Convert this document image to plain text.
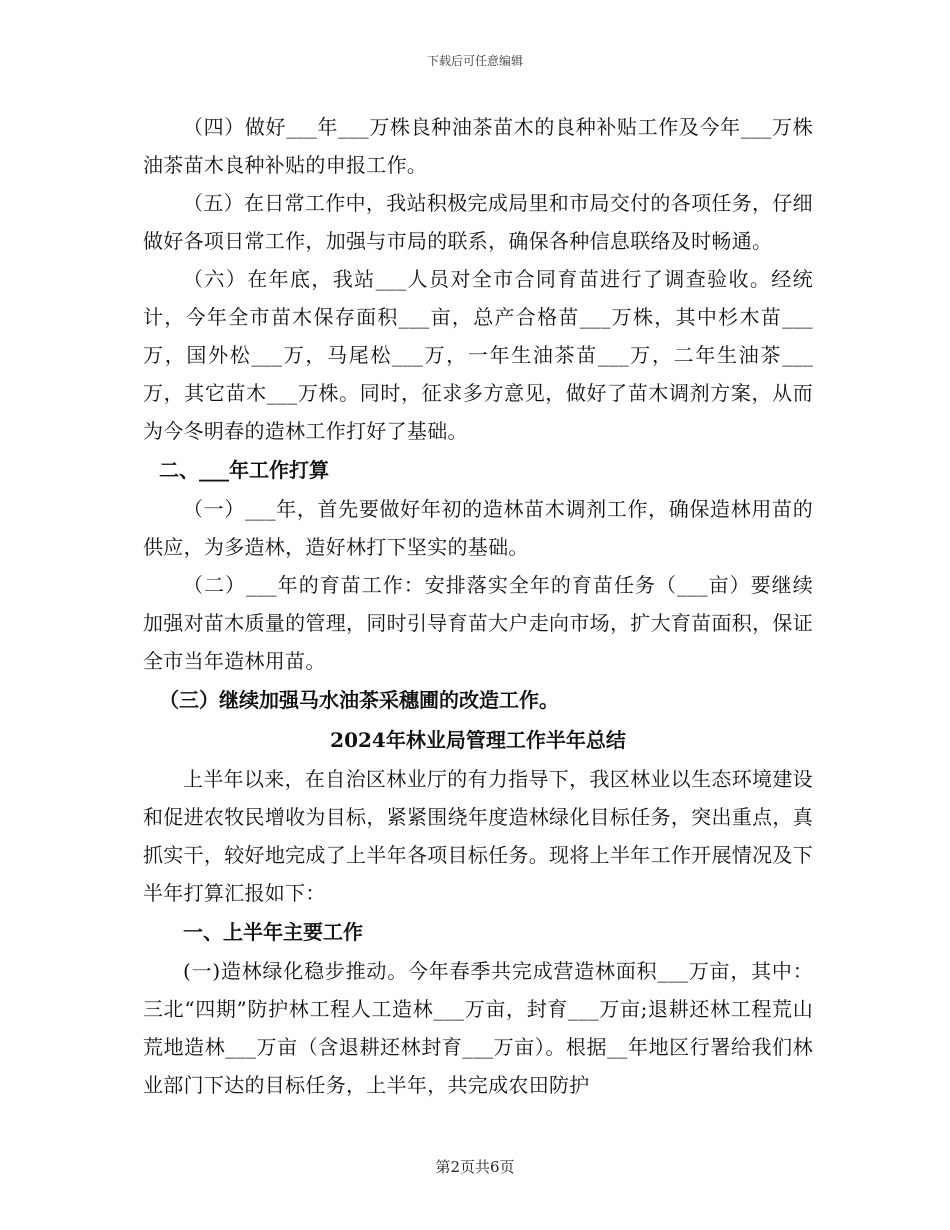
下载后可任意编辑

（四）做好___年___万株良种油茶苗木的良种补贴工作及今年___万株油茶苗木良种补贴的申报工作。

（五）在日常工作中，我站积极完成局里和市局交付的各项任务，仔细做好各项日常工作，加强与市局的联系，确保各种信息联络及时畅通。

（六）在年底，我站___人员对全市合同育苗进行了调查验收。经统计，今年全市苗木保存面积___亩，总产合格苗___万株，其中杉木苗___万，国外松___万，马尾松___万，一年生油茶苗___万，二年生油茶___万，其它苗木___万株。同时，征求多方意见，做好了苗木调剂方案，从而为今冬明春的造林工作打好了基础。

二、___年工作打算

（一）___年，首先要做好年初的造林苗木调剂工作，确保造林用苗的供应，为多造林，造好林打下坚实的基础。

（二）___年的育苗工作：安排落实全年的育苗任务（___亩）要继续加强对苗木质量的管理，同时引导育苗大户走向市场，扩大育苗面积，保证全市当年造林用苗。

（三）继续加强马水油茶采穗圃的改造工作。

2024年林业局管理工作半年总结

上半年以来，在自治区林业厅的有力指导下，我区林业以生态环境建设和促进农牧民增收为目标，紧紧围绕年度造林绿化目标任务，突出重点，真抓实干，较好地完成了上半年各项目标任务。现将上半年工作开展情况及下半年打算汇报如下：

一、上半年主要工作

(一)造林绿化稳步推动。今年春季共完成营造林面积___万亩，其中：三北“四期”防护林工程人工造林___万亩，封育___万亩;退耕还林工程荒山荒地造林___万亩（含退耕还林封育___万亩）。根据__年地区行署给我们林业部门下达的目标任务，上半年，共完成农田防护

第2页共6页
